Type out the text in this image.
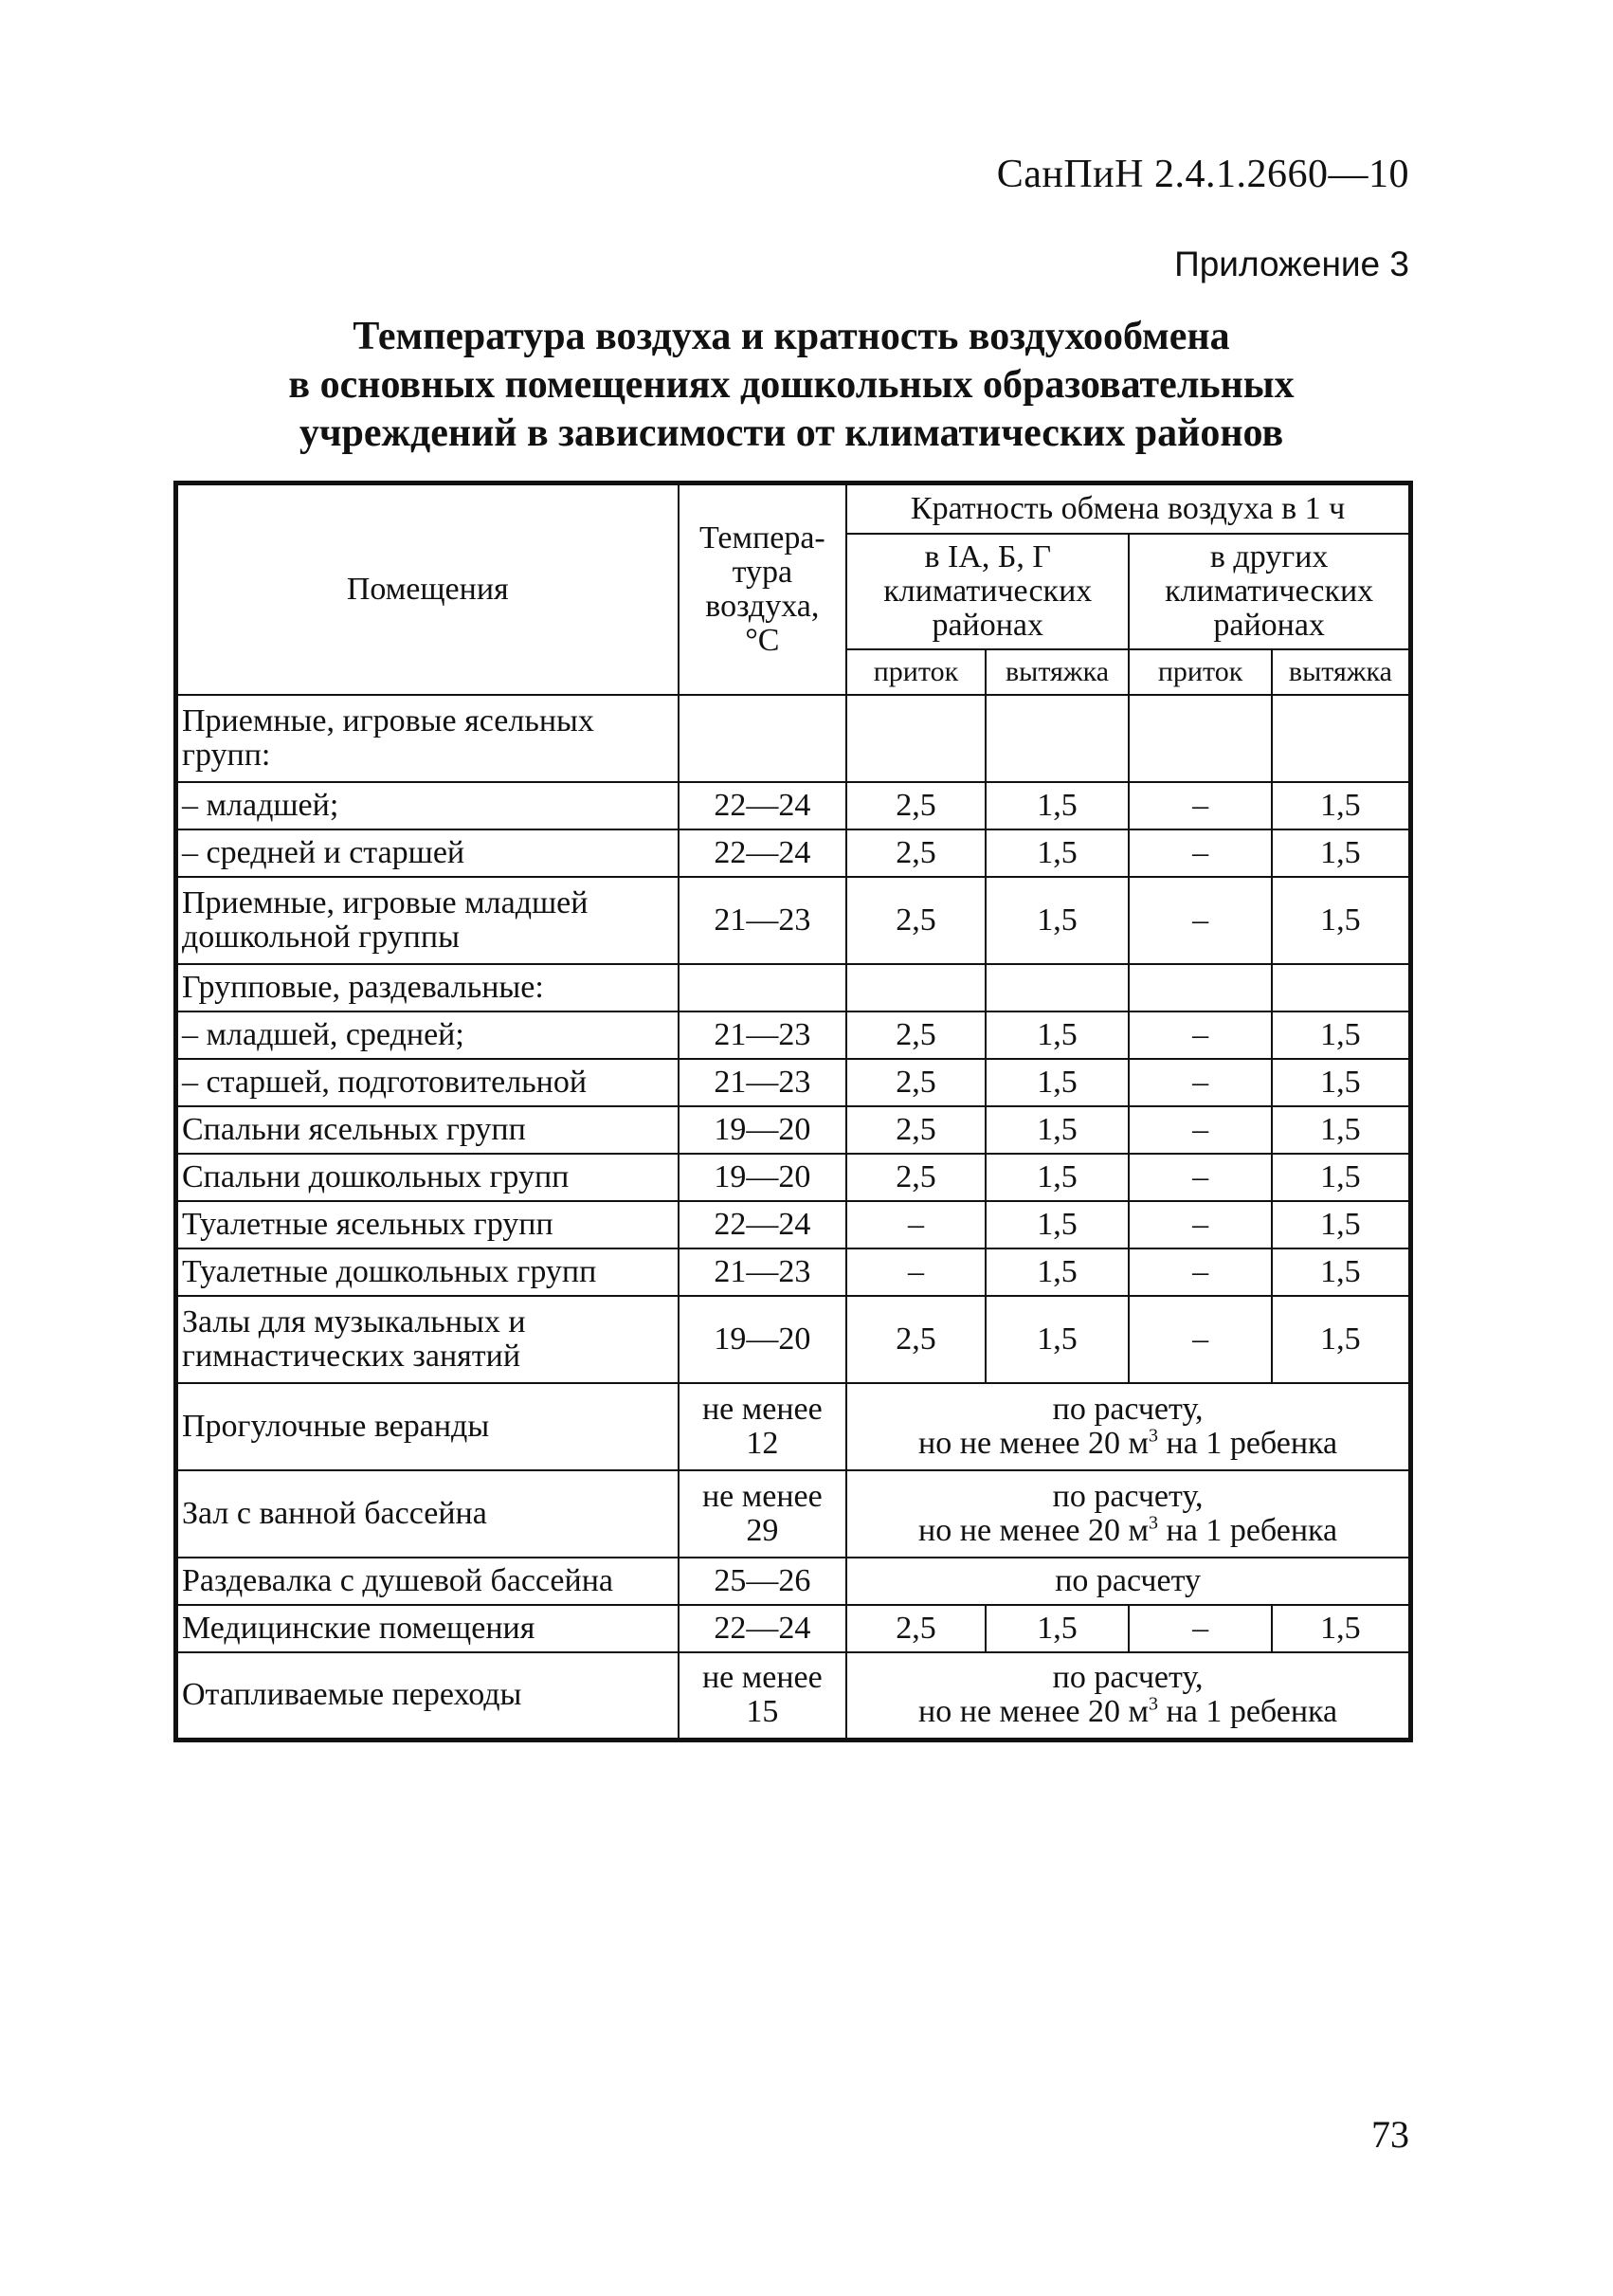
СанПиН 2.4.1.2660—10
Приложение 3
Температура воздуха и кратность воздухообмена
в основных помещениях дошкольных образовательных
учреждений в зависимости от климатических районов
Помещения	Темпера-тура воздуха, °С	Кратность обмена воздуха в 1 ч			
		в IA, Б, Г климатических районах		в других климатических районах	
		приток	вытяжка	приток	вытяжка
Приемные, игровые ясельных групп:					
– младшей;	22—24	2,5	1,5	–	1,5
– средней и старшей	22—24	2,5	1,5	–	1,5
Приемные, игровые младшей дошкольной группы	21—23	2,5	1,5	–	1,5
Групповые, раздевальные:					
– младшей, средней;	21—23	2,5	1,5	–	1,5
– старшей, подготовительной	21—23	2,5	1,5	–	1,5
Спальни ясельных групп	19—20	2,5	1,5	–	1,5
Спальни дошкольных групп	19—20	2,5	1,5	–	1,5
Туалетные ясельных групп	22—24	–	1,5	–	1,5
Туалетные дошкольных групп	21—23	–	1,5	–	1,5
Залы для музыкальных и гимнастических занятий	19—20	2,5	1,5	–	1,5
Прогулочные веранды	не менее 12	по расчету,
но не менее 20 $м^3$ на 1 ребенка			

Зал с ванной бассейна	не менее 29	по расчету,
но не менее 20 $м^3$ на 1 ребенка			

Раздевалка с душевой бассейна	25—26	по расчету			

Медицинские помещения	22—24	2,5	1,5	–	1,5
Отапливаемые переходы	не менее 15	по расчету,
но не менее 20 $м^3$ на 1 ребенка			
73
